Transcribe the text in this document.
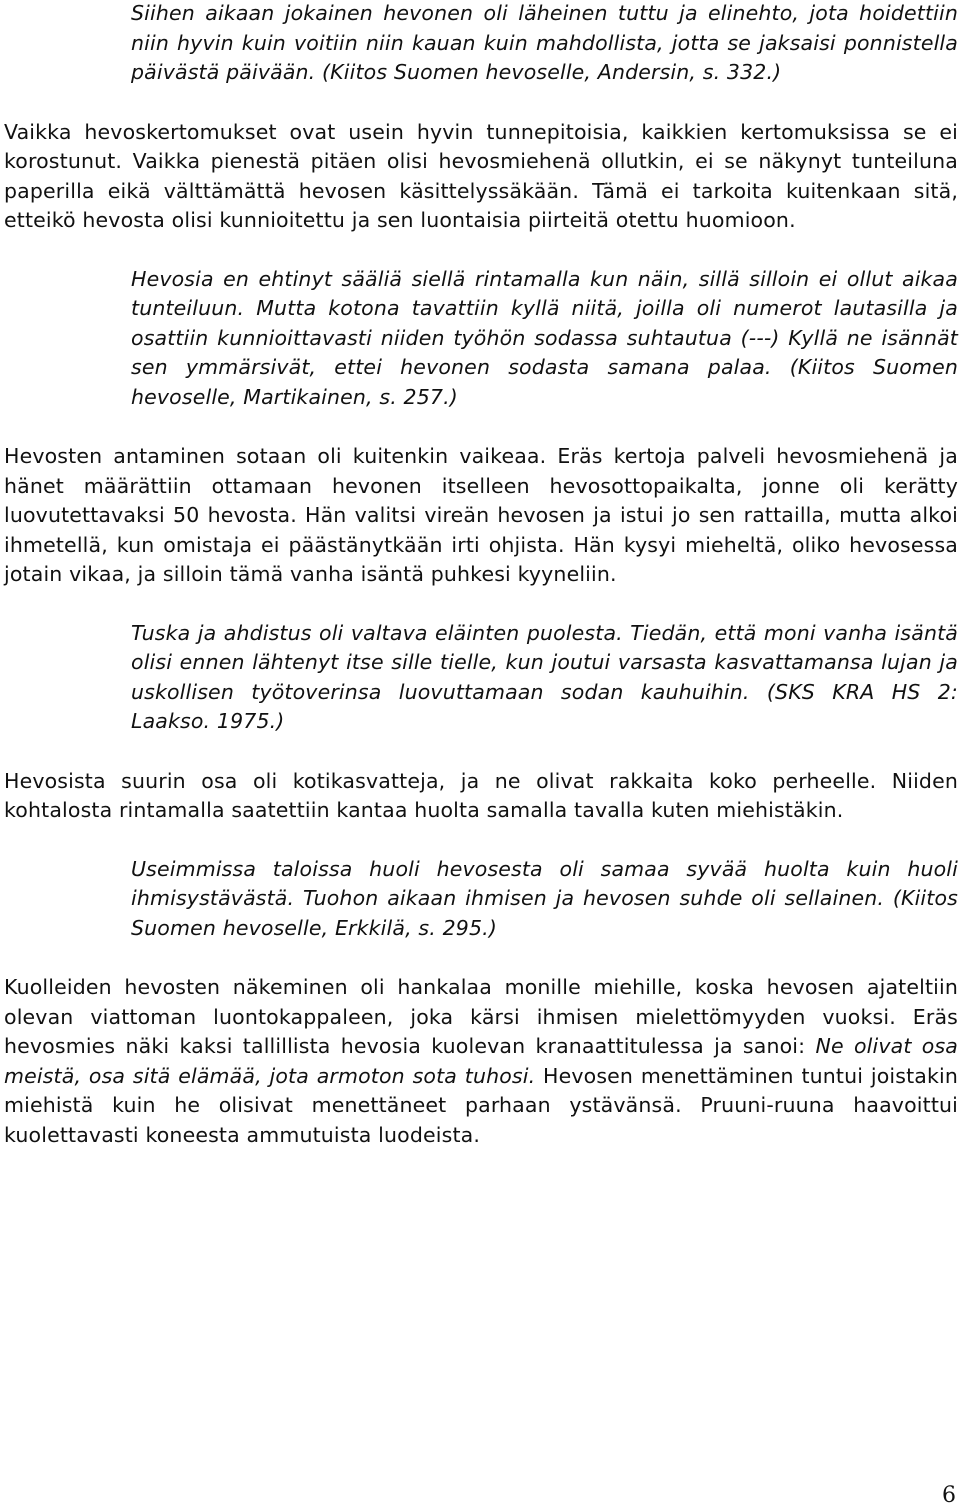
Siihen aikaan jokainen hevonen oli läheinen tuttu ja elinehto, jota hoidettiin niin hyvin kuin voitiin niin kauan kuin mahdollista, jotta se jaksaisi ponnistella päivästä päivään. (Kiitos Suomen hevoselle, Andersin, s. 332.)

Vaikka hevoskertomukset ovat usein hyvin tunnepitoisia, kaikkien kertomuksissa se ei korostunut. Vaikka pienestä pitäen olisi hevosmiehenä ollutkin, ei se näkynyt tunteiluna paperilla eikä välttämättä hevosen käsittelyssäkään. Tämä ei tarkoita kuitenkaan sitä, etteikö hevosta olisi kunnioitettu ja sen luontaisia piirteitä otettu huomioon.

Hevosia en ehtinyt sääliä siellä rintamalla kun näin, sillä silloin ei ollut aikaa tunteiluun. Mutta kotona tavattiin kyllä niitä, joilla oli numerot lautasilla ja osattiin kunnioittavasti niiden työhön sodassa suhtautua (---) Kyllä ne isännät sen ymmärsivät, ettei hevonen sodasta samana palaa. (Kiitos Suomen hevoselle, Martikainen, s. 257.)

Hevosten antaminen sotaan oli kuitenkin vaikeaa. Eräs kertoja palveli hevosmiehenä ja hänet määrättiin ottamaan hevonen itselleen hevosottopaikalta, jonne oli kerätty luovutettavaksi 50 hevosta. Hän valitsi vireän hevosen ja istui jo sen rattailla, mutta alkoi ihmetellä, kun omistaja ei päästänytkään irti ohjista. Hän kysyi mieheltä, oliko hevosessa jotain vikaa, ja silloin tämä vanha isäntä puhkesi kyyneliin.

Tuska ja ahdistus oli valtava eläinten puolesta. Tiedän, että moni vanha isäntä olisi ennen lähtenyt itse sille tielle, kun joutui varsasta kasvattamansa lujan ja uskollisen työtoverinsa luovuttamaan sodan kauhuihin. (SKS KRA HS 2: Laakso. 1975.)

Hevosista suurin osa oli kotikasvatteja, ja ne olivat rakkaita koko perheelle. Niiden kohtalosta rintamalla saatettiin kantaa huolta samalla tavalla kuten miehistäkin.

Useimmissa taloissa huoli hevosesta oli samaa syvää huolta kuin huoli ihmisystävästä. Tuohon aikaan ihmisen ja hevosen suhde oli sellainen. (Kiitos Suomen hevoselle, Erkkilä, s. 295.)

Kuolleiden hevosten näkeminen oli hankalaa monille miehille, koska hevosen ajateltiin olevan viattoman luontokappaleen, joka kärsi ihmisen mielettömyyden vuoksi. Eräs hevosmies näki kaksi tallillista hevosia kuolevan kranaattitulessa ja sanoi: Ne olivat osa meistä, osa sitä elämää, jota armoton sota tuhosi. Hevosen menettäminen tuntui joistakin miehistä kuin he olisivat menettäneet parhaan ystävänsä. Pruuni-ruuna haavoittui kuolettavasti koneesta ammutuista luodeista.

6
